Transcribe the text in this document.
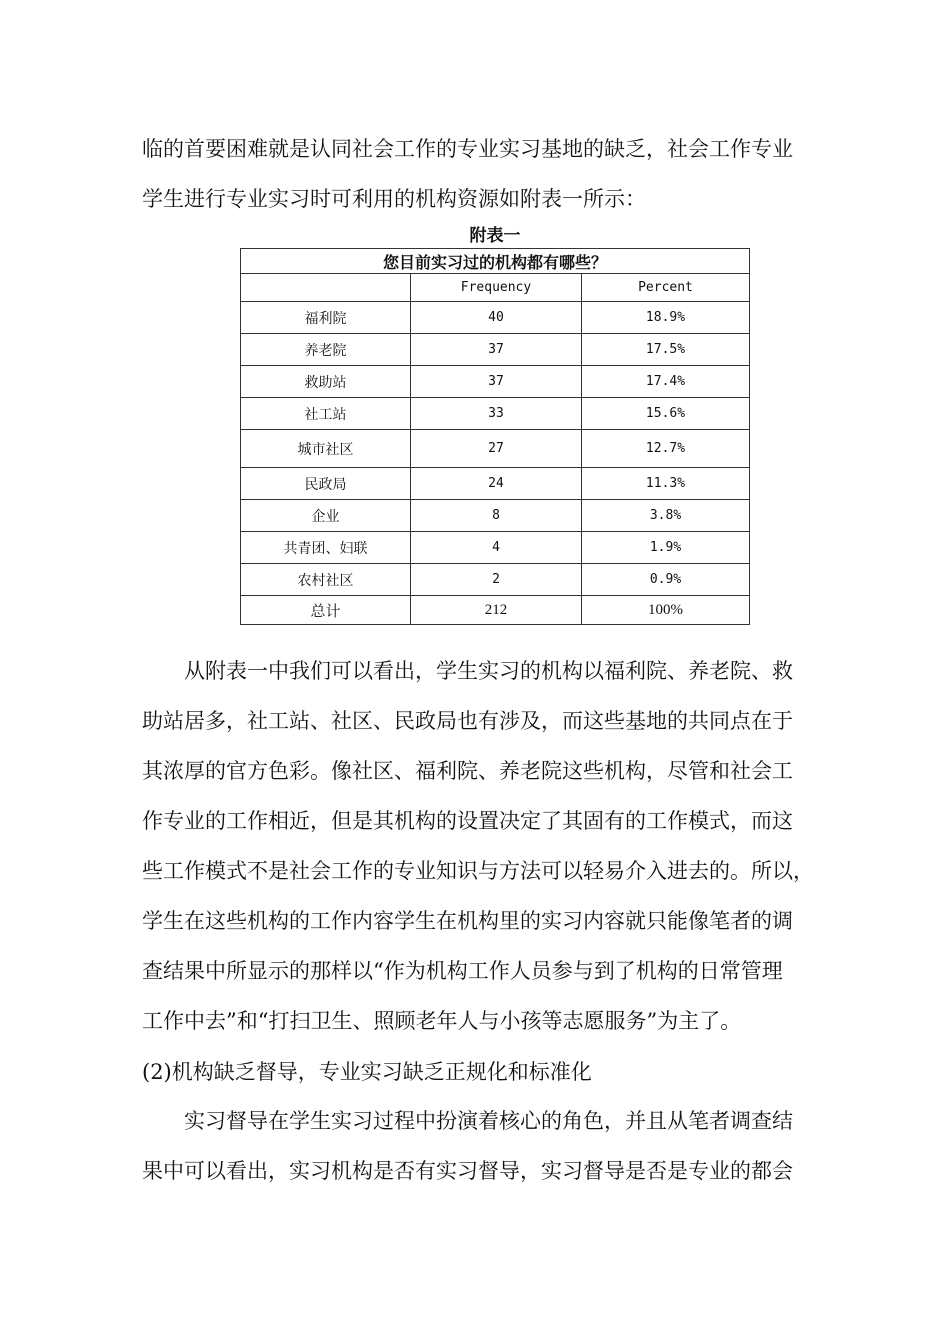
临的首要困难就是认同社会工作的专业实习基地的缺乏，社会工作专业
学生进行专业实习时可利用的机构资源如附表一所示：

附表一
您目前实习过的机构都有哪些？		
	Frequency	Percent
福利院	40	18.9%
养老院	37	17.5%
救助站	37	17.4%
社工站	33	15.6%
城市社区	27	12.7%
民政局	24	11.3%
企业	8	3.8%
共青团、妇联	4	1.9%
农村社区	2	0.9%
总计	212	100%

从附表一中我们可以看出，学生实习的机构以福利院、养老院、救
助站居多，社工站、社区、民政局也有涉及，而这些基地的共同点在于
其浓厚的官方色彩。像社区、福利院、养老院这些机构，尽管和社会工
作专业的工作相近，但是其机构的设置决定了其固有的工作模式，而这
些工作模式不是社会工作的专业知识与方法可以轻易介入进去的。所以，
学生在这些机构的工作内容学生在机构里的实习内容就只能像笔者的调
查结果中所显示的那样以“作为机构工作人员参与到了机构的日常管理
工作中去”和“打扫卫生、照顾老年人与小孩等志愿服务”为主了。

(2)机构缺乏督导，专业实习缺乏正规化和标准化

实习督导在学生实习过程中扮演着核心的角色，并且从笔者调查结
果中可以看出，实习机构是否有实习督导，实习督导是否是专业的都会
